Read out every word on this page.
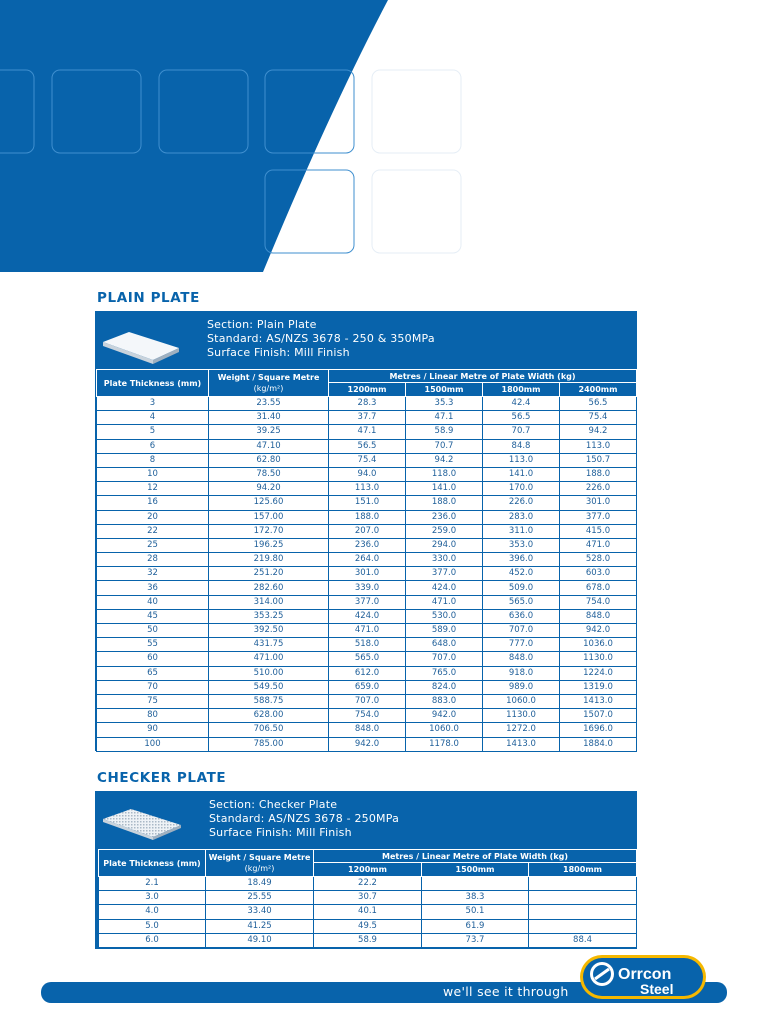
PLAIN PLATE
Section: Plain Plate
Standard: AS/NZS 3678 - 250 & 350MPa
Surface Finish: Mill Finish
Plate Thickness (mm)	Weight / Square Metre
(kg/m²)	Metres / Linear Metre of Plate Width (kg)			
		1200mm	1500mm	1800mm	2400mm
3	23.55	28.3	35.3	42.4	56.5
4	31.40	37.7	47.1	56.5	75.4
5	39.25	47.1	58.9	70.7	94.2
6	47.10	56.5	70.7	84.8	113.0
8	62.80	75.4	94.2	113.0	150.7
10	78.50	94.0	118.0	141.0	188.0
12	94.20	113.0	141.0	170.0	226.0
16	125.60	151.0	188.0	226.0	301.0
20	157.00	188.0	236.0	283.0	377.0
22	172.70	207.0	259.0	311.0	415.0
25	196.25	236.0	294.0	353.0	471.0
28	219.80	264.0	330.0	396.0	528.0
32	251.20	301.0	377.0	452.0	603.0
36	282.60	339.0	424.0	509.0	678.0
40	314.00	377.0	471.0	565.0	754.0
45	353.25	424.0	530.0	636.0	848.0
50	392.50	471.0	589.0	707.0	942.0
55	431.75	518.0	648.0	777.0	1036.0
60	471.00	565.0	707.0	848.0	1130.0
65	510.00	612.0	765.0	918.0	1224.0
70	549.50	659.0	824.0	989.0	1319.0
75	588.75	707.0	883.0	1060.0	1413.0
80	628.00	754.0	942.0	1130.0	1507.0
90	706.50	848.0	1060.0	1272.0	1696.0
100	785.00	942.0	1178.0	1413.0	1884.0
CHECKER PLATE
Section: Checker Plate
Standard: AS/NZS 3678 - 250MPa
Surface Finish: Mill Finish
Plate Thickness (mm)	Weight / Square Metre
(kg/m²)	Metres / Linear Metre of Plate Width (kg)		
		1200mm	1500mm	1800mm
2.1	18.49	22.2		
3.0	25.55	30.7	38.3	
4.0	33.40	40.1	50.1	
5.0	41.25	49.5	61.9	
6.0	49.10	58.9	73.7	88.4
we'll see it through
Orrcon
Steel
